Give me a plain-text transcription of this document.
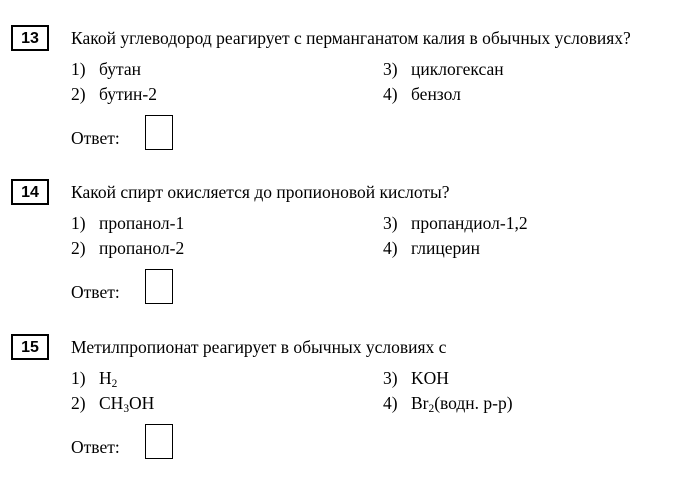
13	Какой углеводород реагирует с перманганатом калия в обычных условиях?
1) бутан
2) бутин-2
3) циклогексан
4) бензол
Ответ:
14	Какой спирт окисляется до пропионовой кислоты?
1) пропанол-1
2) пропанол-2
3) пропандиол-1,2
4) глицерин
Ответ:
15	Метилпропионат реагирует в обычных условиях с
1) $H_2$
2) $CH_3OH$
3) KOH
4) $Br_2(водн$. р-р)
Ответ:
